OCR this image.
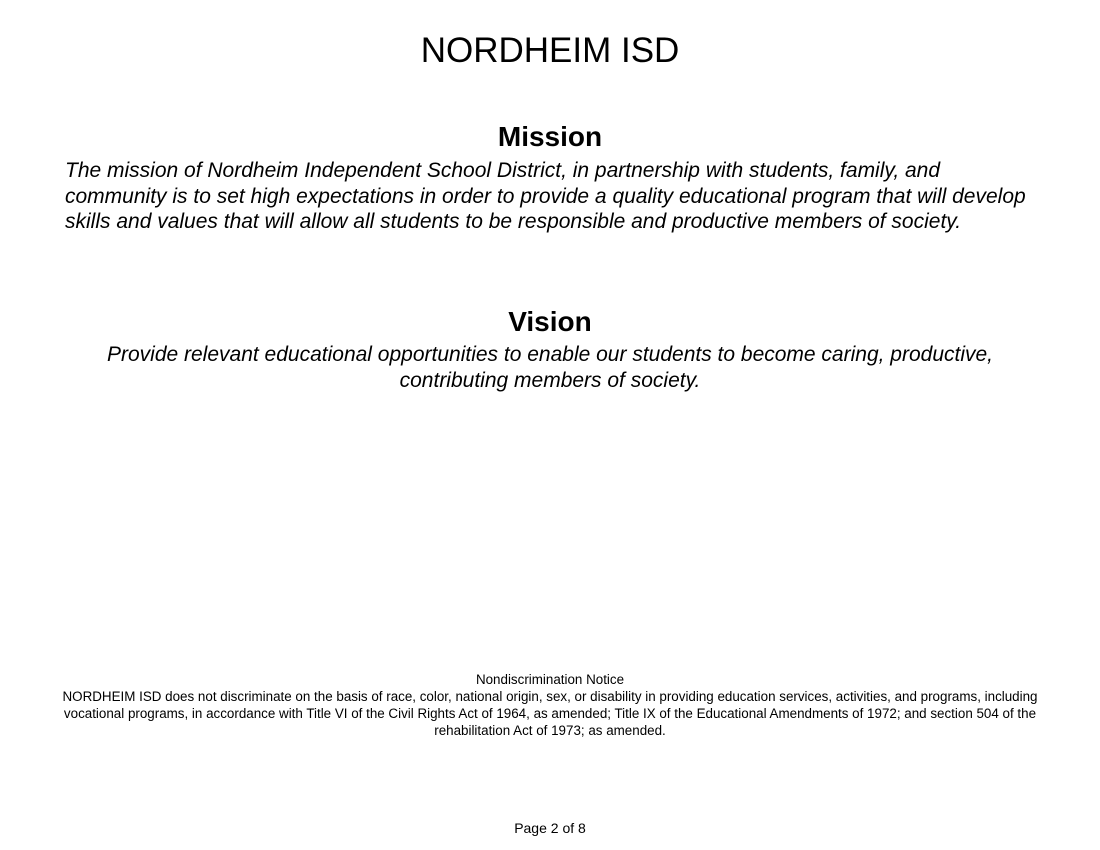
NORDHEIM ISD
Mission

The mission of Nordheim Independent School District, in partnership with students, family, and community is to set high expectations in order to provide a quality educational program that will develop skills and values that will allow all students to be responsible and productive members of society.

Vision

Provide relevant educational opportunities to enable our students to become caring, productive, contributing members of society.

Nondiscrimination Notice
NORDHEIM ISD does not discriminate on the basis of race, color, national origin, sex, or disability in providing education services, activities, and programs, including vocational programs, in accordance with Title VI of the Civil Rights Act of 1964, as amended; Title IX of the Educational Amendments of 1972; and section 504 of the rehabilitation Act of 1973; as amended.
Page 2 of 8
